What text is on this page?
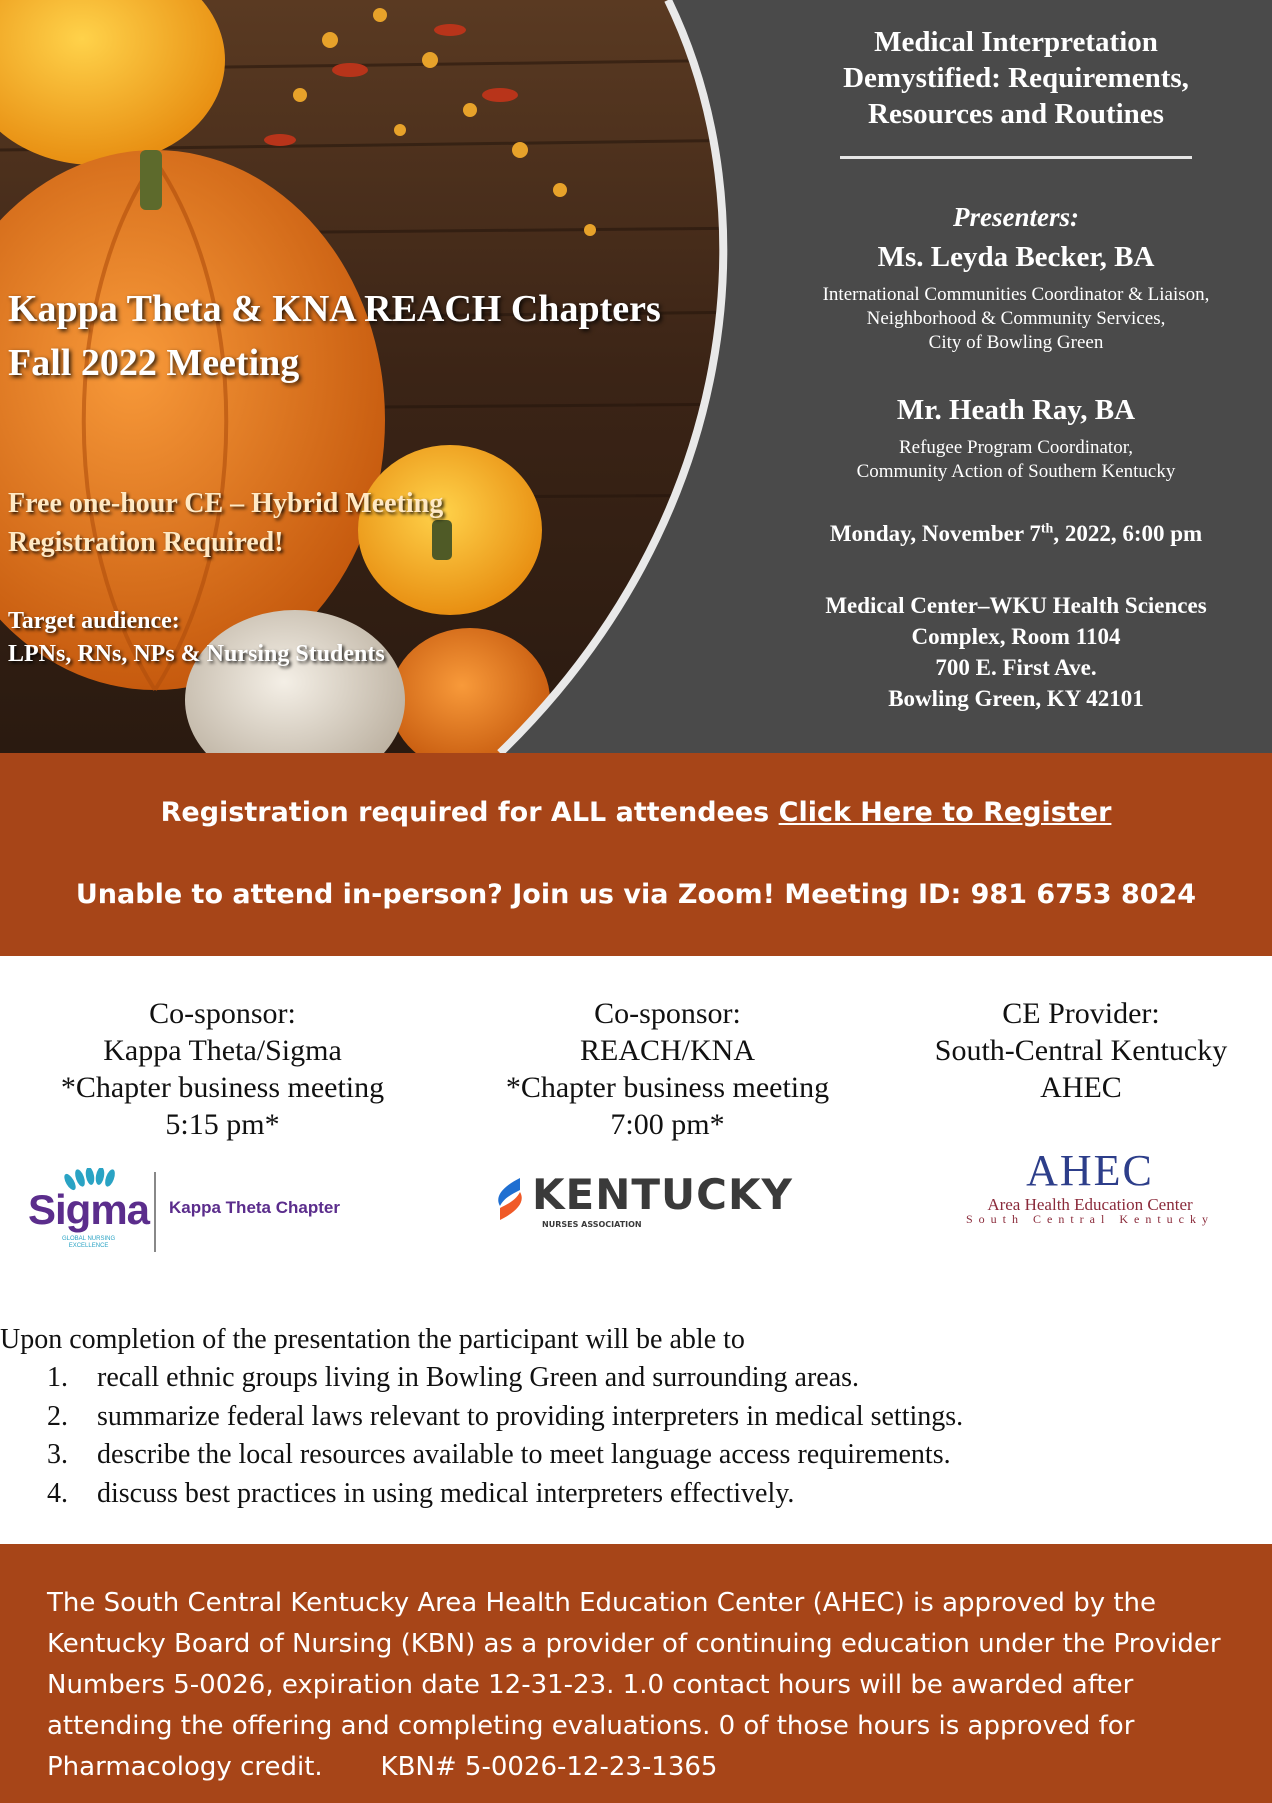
Kappa Theta & KNA REACH Chapters
Fall 2022 Meeting
Free one-hour CE – Hybrid Meeting
Registration Required!
Target audience:
LPNs, RNs, NPs & Nursing Students
Medical Interpretation
Demystified: Requirements,
Resources and Routines
Presenters:
Ms. Leyda Becker, BA
International Communities Coordinator & Liaison,
Neighborhood & Community Services,
City of Bowling Green
Mr. Heath Ray, BA
Refugee Program Coordinator,
Community Action of Southern Kentucky
Monday, November 7th, 2022, 6:00 pm
Medical Center–WKU Health Sciences
Complex, Room 1104
700 E. First Ave.
Bowling Green, KY 42101
Registration required for ALL attendees Click Here to Register
Unable to attend in-person? Join us via Zoom! Meeting ID: 981 6753 8024
Co-sponsor:
Kappa Theta/Sigma
*Chapter business meeting
5:15 pm*
Co-sponsor:
REACH/KNA
*Chapter business meeting
7:00 pm*
CE Provider:
South-Central Kentucky
AHEC
Sigma
GLOBAL NURSING
EXCELLENCE
Kappa Theta Chapter	KENTUCKY
NURSES ASSOCIATION
AHEC
Area Health Education Center
South Central Kentucky
Upon completion of the presentation the participant will be able to
1. recall ethnic groups living in Bowling Green and surrounding areas.
2. summarize federal laws relevant to providing interpreters in medical settings.
3. describe the local resources available to meet language access requirements.
4. discuss best practices in using medical interpreters effectively.
The South Central Kentucky Area Health Education Center (AHEC) is approved by the
Kentucky Board of Nursing (KBN) as a provider of continuing education under the Provider
Numbers 5-0026, expiration date 12-31-23. 1.0 contact hours will be awarded after
attending the offering and completing evaluations. 0 of those hours is approved for
Pharmacology credit.       KBN# 5-0026-12-23-1365
